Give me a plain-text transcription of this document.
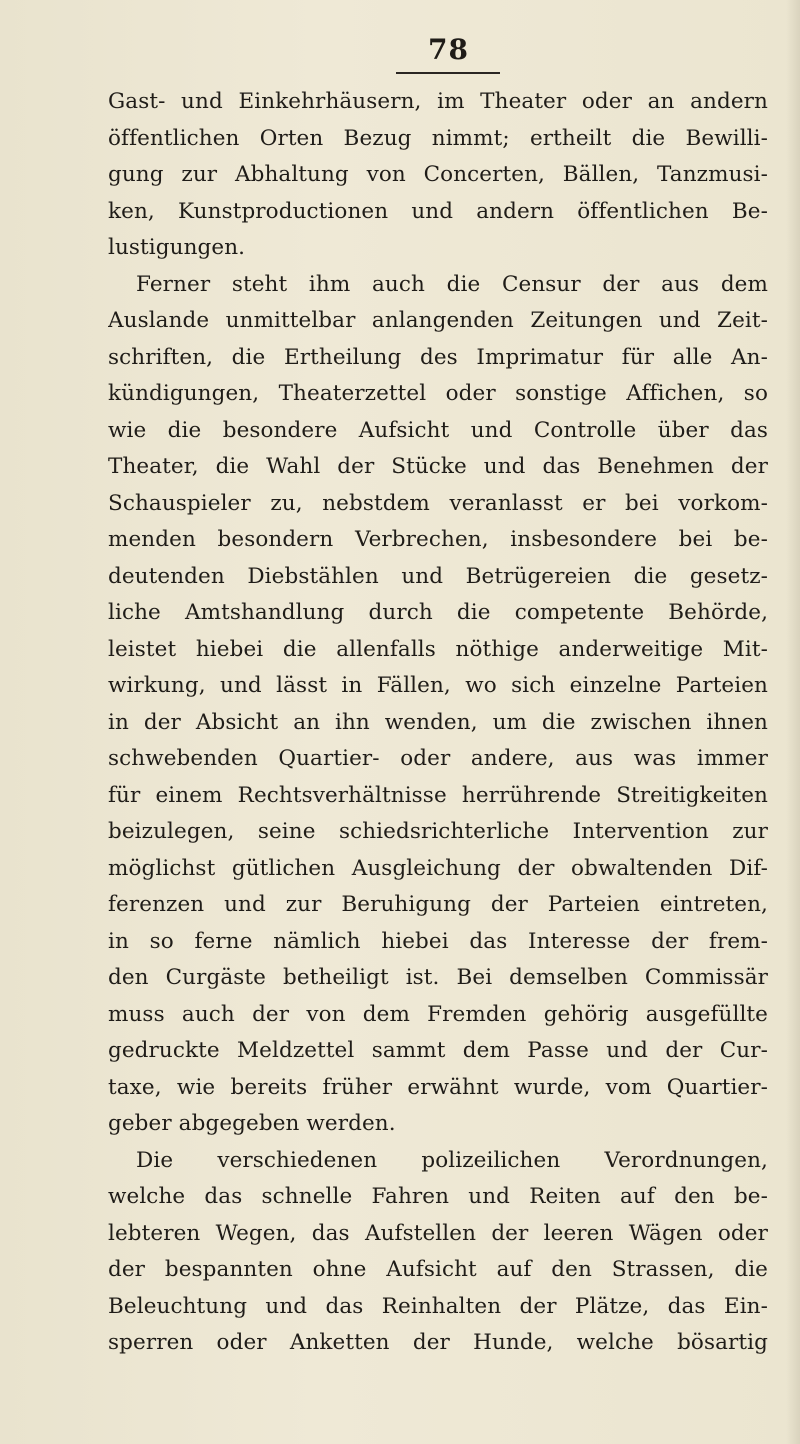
78
Gast- und Einkehrhäusern, im Theater oder an andern
öffentlichen Orten Bezug nimmt; ertheilt die Bewilli-
gung zur Abhaltung von Concerten, Bällen, Tanzmusi-
ken, Kunstproductionen und andern öffentlichen Be-
lustigungen.
Ferner steht ihm auch die Censur der aus dem
Auslande unmittelbar anlangenden Zeitungen und Zeit-
schriften, die Ertheilung des Imprimatur für alle An-
kündigungen, Theaterzettel oder sonstige Affichen, so
wie die besondere Aufsicht und Controlle über das
Theater, die Wahl der Stücke und das Benehmen der
Schauspieler zu, nebstdem veranlasst er bei vorkom-
menden besondern Verbrechen, insbesondere bei be-
deutenden Diebstählen und Betrügereien die gesetz-
liche Amtshandlung durch die competente Behörde,
leistet hiebei die allenfalls nöthige anderweitige Mit-
wirkung, und lässt in Fällen, wo sich einzelne Parteien
in der Absicht an ihn wenden, um die zwischen ihnen
schwebenden Quartier- oder andere, aus was immer
für einem Rechtsverhältnisse herrührende Streitigkeiten
beizulegen, seine schiedsrichterliche Intervention zur
möglichst gütlichen Ausgleichung der obwaltenden Dif-
ferenzen und zur Beruhigung der Parteien eintreten,
in so ferne nämlich hiebei das Interesse der frem-
den Curgäste betheiligt ist. Bei demselben Commissär
muss auch der von dem Fremden gehörig ausgefüllte
gedruckte Meldzettel sammt dem Passe und der Cur-
taxe, wie bereits früher erwähnt wurde, vom Quartier-
geber abgegeben werden.
Die verschiedenen polizeilichen Verordnungen,
welche das schnelle Fahren und Reiten auf den be-
lebteren Wegen, das Aufstellen der leeren Wägen oder
der bespannten ohne Aufsicht auf den Strassen, die
Beleuchtung und das Reinhalten der Plätze, das Ein-
sperren oder Anketten der Hunde, welche bösartig
